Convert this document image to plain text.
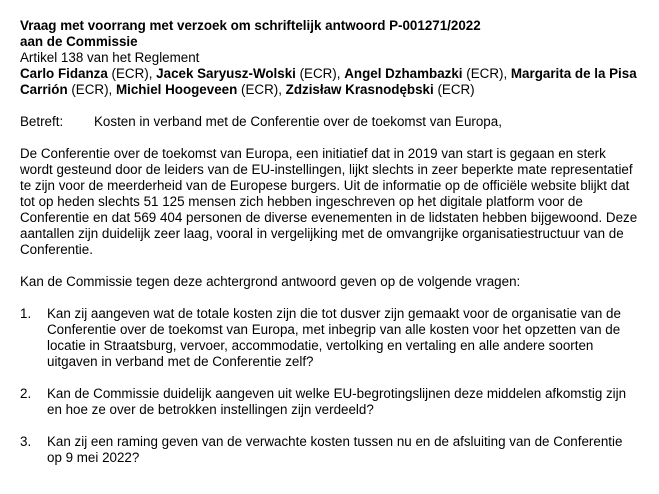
Vraag met voorrang met verzoek om schriftelijk antwoord P-001271/2022

aan de Commissie

Artikel 138 van het Reglement

Carlo Fidanza (ECR), Jacek Saryusz-Wolski (ECR), Angel Dzhambazki (ECR), Margarita de la Pisa Carrión (ECR), Michiel Hoogeveen (ECR), Zdzisław Krasnodębski (ECR)

Betreft:	Kosten in verband met de Conferentie over de toekomst van Europa,

De Conferentie over de toekomst van Europa, een initiatief dat in 2019 van start is gegaan en sterk wordt gesteund door de leiders van de EU-instellingen, lijkt slechts in zeer beperkte mate representatief te zijn voor de meerderheid van de Europese burgers. Uit de informatie op de officiële website blijkt dat tot op heden slechts 51 125 mensen zich hebben ingeschreven op het digitale platform voor de Conferentie en dat 569 404 personen de diverse evenementen in de lidstaten hebben bijgewoond. Deze aantallen zijn duidelijk zeer laag, vooral in vergelijking met de omvangrijke organisatiestructuur van de Conferentie.

Kan de Commissie tegen deze achtergrond antwoord geven op de volgende vragen:

1.	Kan zij aangeven wat de totale kosten zijn die tot dusver zijn gemaakt voor de organisatie van de Conferentie over de toekomst van Europa, met inbegrip van alle kosten voor het opzetten van de locatie in Straatsburg, vervoer, accommodatie, vertolking en vertaling en alle andere soorten uitgaven in verband met de Conferentie zelf?
2.	Kan de Commissie duidelijk aangeven uit welke EU-begrotingslijnen deze middelen afkomstig zijn en hoe ze over de betrokken instellingen zijn verdeeld?
3.	Kan zij een raming geven van de verwachte kosten tussen nu en de afsluiting van de Conferentie op 9 mei 2022?
